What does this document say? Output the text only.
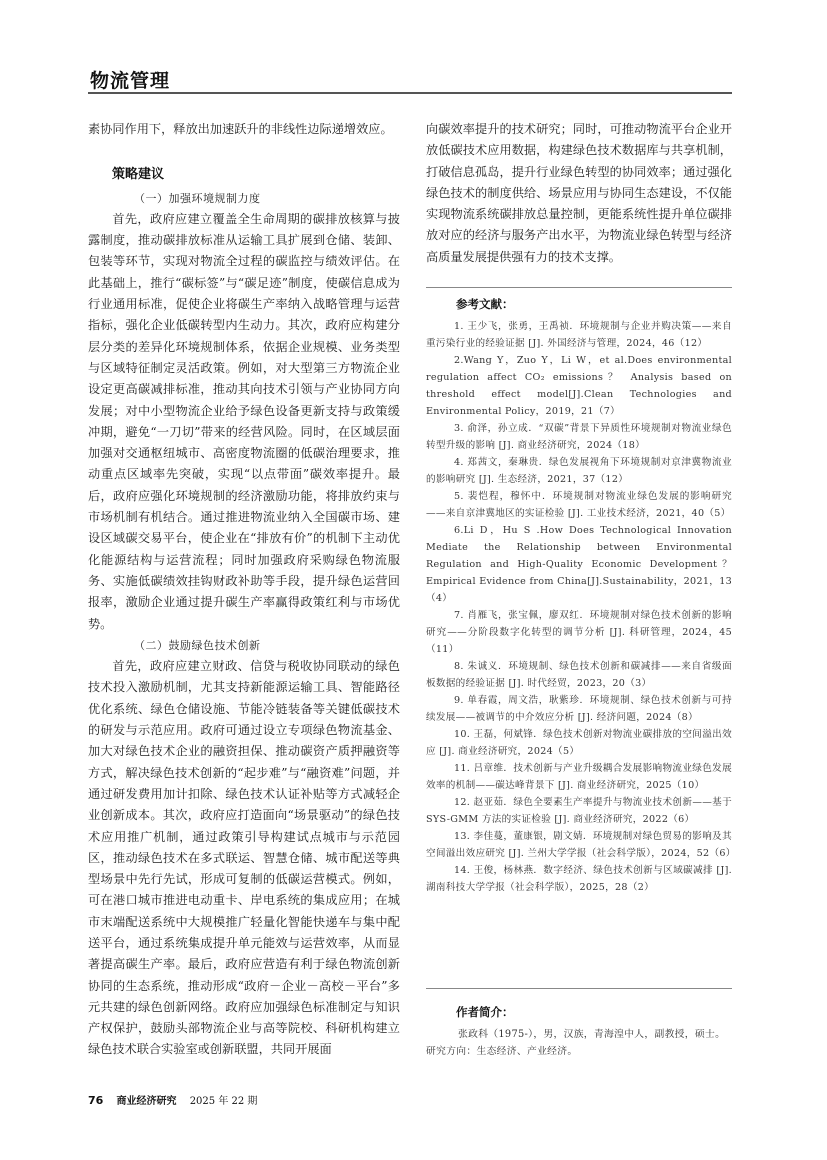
物流管理

素协同作用下，释放出加速跃升的非线性边际递增效应。

策略建议

（一）加强环境规制力度

首先，政府应建立覆盖全生命周期的碳排放核算与披露制度，推动碳排放标准从运输工具扩展到仓储、装卸、包装等环节，实现对物流全过程的碳监控与绩效评估。在此基础上，推行“碳标签”与“碳足迹”制度，使碳信息成为行业通用标准，促使企业将碳生产率纳入战略管理与运营指标，强化企业低碳转型内生动力。其次，政府应构建分层分类的差异化环境规制体系，依据企业规模、业务类型与区域特征制定灵活政策。例如，对大型第三方物流企业设定更高碳减排标准，推动其向技术引领与产业协同方向发展；对中小型物流企业给予绿色设备更新支持与政策缓冲期，避免“一刀切”带来的经营风险。同时，在区域层面加强对交通枢纽城市、高密度物流圈的低碳治理要求，推动重点区域率先突破，实现“以点带面”碳效率提升。最后，政府应强化环境规制的经济激励功能，将排放约束与市场机制有机结合。通过推进物流业纳入全国碳市场、建设区域碳交易平台，使企业在“排放有价”的机制下主动优化能源结构与运营流程；同时加强政府采购绿色物流服务、实施低碳绩效挂钩财政补助等手段，提升绿色运营回报率，激励企业通过提升碳生产率赢得政策红利与市场优势。

（二）鼓励绿色技术创新

首先，政府应建立财政、信贷与税收协同联动的绿色技术投入激励机制，尤其支持新能源运输工具、智能路径优化系统、绿色仓储设施、节能冷链装备等关键低碳技术的研发与示范应用。政府可通过设立专项绿色物流基金、加大对绿色技术企业的融资担保、推动碳资产质押融资等方式，解决绿色技术创新的“起步难”与“融资难”问题，并通过研发费用加计扣除、绿色技术认证补贴等方式减轻企业创新成本。其次，政府应打造面向“场景驱动”的绿色技术应用推广机制，通过政策引导构建试点城市与示范园区，推动绿色技术在多式联运、智慧仓储、城市配送等典型场景中先行先试，形成可复制的低碳运营模式。例如，可在港口城市推进电动重卡、岸电系统的集成应用；在城市末端配送系统中大规模推广轻量化智能快递车与集中配送平台，通过系统集成提升单元能效与运营效率，从而显著提高碳生产率。最后，政府应营造有利于绿色物流创新协同的生态系统，推动形成“政府－企业－高校－平台”多元共建的绿色创新网络。政府应加强绿色标准制定与知识产权保护，鼓励头部物流企业与高等院校、科研机构建立绿色技术联合实验室或创新联盟，共同开展面

向碳效率提升的技术研究；同时，可推动物流平台企业开放低碳技术应用数据，构建绿色技术数据库与共享机制，打破信息孤岛，提升行业绿色转型的协同效率；通过强化绿色技术的制度供给、场景应用与协同生态建设，不仅能实现物流系统碳排放总量控制，更能系统性提升单位碳排放对应的经济与服务产出水平，为物流业绿色转型与经济高质量发展提供强有力的技术支撑。

参考文献：

1. 王少飞，张勇，王禹祯．环境规制与企业并购决策——来自重污染行业的经验证据 [J]. 外国经济与管理，2024，46（12）

2.Wang Y，Zuo Y，Li W，et al.Does environmental regulation affect CO₂ emissions？ Analysis based on threshold effect model[J].Clean Technologies and Environmental Policy，2019，21（7）

3. 俞泽，孙立成．“双碳”背景下异质性环境规制对物流业绿色转型升级的影响 [J]. 商业经济研究，2024（18）

4. 郑茜文，秦琳贵．绿色发展视角下环境规制对京津冀物流业的影响研究 [J]. 生态经济，2021，37（12）

5. 裴恺程，穆怀中．环境规制对物流业绿色发展的影响研究——来自京津冀地区的实证检验 [J]. 工业技术经济，2021，40（5）

6.Li D，Hu S .How Does Technological Innovation Mediate the Relationship between Environmental Regulation and High-Quality Economic Development？ Empirical Evidence from China[J].Sustainability，2021，13（4）

7. 肖雁飞，张宝佩，廖双红．环境规制对绿色技术创新的影响研究——分阶段数字化转型的调节分析 [J]. 科研管理，2024，45（11）

8. 朱诚义．环境规制、绿色技术创新和碳减排——来自省级面板数据的经验证据 [J]. 时代经贸，2023，20（3）

9. 单春霞，周文浩，耿紫珍．环境规制、绿色技术创新与可持续发展——被调节的中介效应分析 [J]. 经济问题，2024（8）

10. 王磊，何斌锋．绿色技术创新对物流业碳排放的空间溢出效应 [J]. 商业经济研究，2024（5）

11. 吕章维．技术创新与产业升级耦合发展影响物流业绿色发展效率的机制——碳达峰背景下 [J]. 商业经济研究，2025（10）

12. 赵亚茹．绿色全要素生产率提升与物流业技术创新——基于 SYS-GMM 方法的实证检验 [J]. 商业经济研究，2022（6）

13. 李佳蔓，董康银，剧文婧．环境规制对绿色贸易的影响及其空间溢出效应研究 [J]. 兰州大学学报（社会科学版），2024，52（6）

14. 王俊，杨林燕．数字经济、绿色技术创新与区域碳减排 [J]. 湖南科技大学学报（社会科学版），2025，28（2）

作者简介：

张政科（1975-），男，汉族，青海湟中人，副教授，硕士。研究方向：生态经济、产业经济。

76 商业经济研究 2025 年 22 期
